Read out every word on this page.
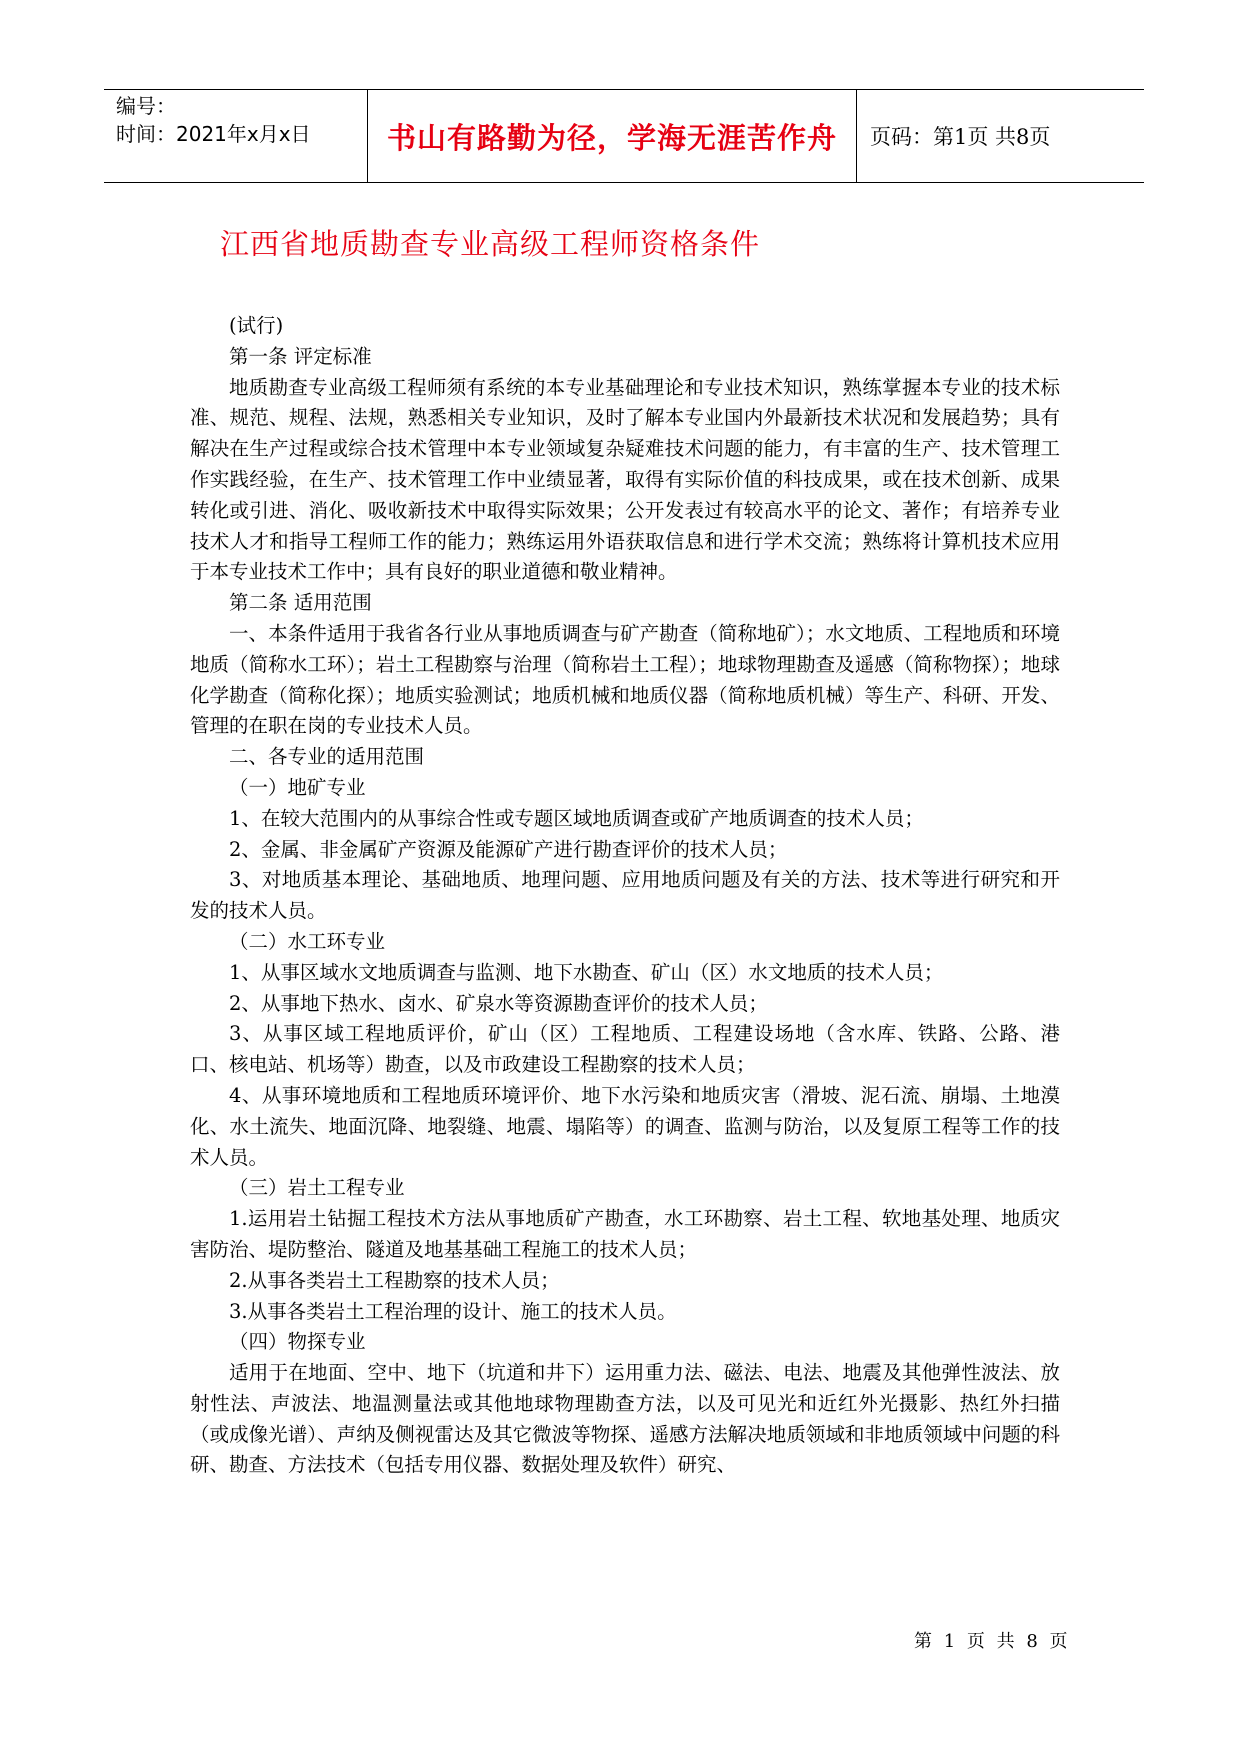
编号：
时间：2021年x月x日	书山有路勤为径，学海无涯苦作舟	页码：第1页 共8页
江西省地质勘查专业高级工程师资格条件

(试行)

第一条 评定标准

地质勘查专业高级工程师须有系统的本专业基础理论和专业技术知识，熟练掌握本专业的技术标准、规范、规程、法规，熟悉相关专业知识，及时了解本专业国内外最新技术状况和发展趋势；具有解决在生产过程或综合技术管理中本专业领域复杂疑难技术问题的能力，有丰富的生产、技术管理工作实践经验，在生产、技术管理工作中业绩显著，取得有实际价值的科技成果，或在技术创新、成果转化或引进、消化、吸收新技术中取得实际效果；公开发表过有较高水平的论文、著作；有培养专业技术人才和指导工程师工作的能力；熟练运用外语获取信息和进行学术交流；熟练将计算机技术应用于本专业技术工作中；具有良好的职业道德和敬业精神。

第二条 适用范围

一、本条件适用于我省各行业从事地质调查与矿产勘查（简称地矿）；水文地质、工程地质和环境地质（简称水工环）；岩土工程勘察与治理（简称岩土工程）；地球物理勘查及遥感（简称物探）；地球化学勘查（简称化探）；地质实验测试；地质机械和地质仪器（简称地质机械）等生产、科研、开发、管理的在职在岗的专业技术人员。

二、各专业的适用范围

（一）地矿专业

1、在较大范围内的从事综合性或专题区域地质调查或矿产地质调查的技术人员；

2、金属、非金属矿产资源及能源矿产进行勘查评价的技术人员；

3、对地质基本理论、基础地质、地理问题、应用地质问题及有关的方法、技术等进行研究和开发的技术人员。

（二）水工环专业

1、从事区域水文地质调查与监测、地下水勘查、矿山（区）水文地质的技术人员；

2、从事地下热水、卤水、矿泉水等资源勘查评价的技术人员；

3、从事区域工程地质评价，矿山（区）工程地质、工程建设场地（含水库、铁路、公路、港口、核电站、机场等）勘查，以及市政建设工程勘察的技术人员；

4、从事环境地质和工程地质环境评价、地下水污染和地质灾害（滑坡、泥石流、崩塌、土地漠化、水土流失、地面沉降、地裂缝、地震、塌陷等）的调查、监测与防治，以及复原工程等工作的技术人员。

（三）岩土工程专业

1.运用岩土钻掘工程技术方法从事地质矿产勘查，水工环勘察、岩土工程、软地基处理、地质灾害防治、堤防整治、隧道及地基基础工程施工的技术人员；

2.从事各类岩土工程勘察的技术人员；

3.从事各类岩土工程治理的设计、施工的技术人员。

（四）物探专业

适用于在地面、空中、地下（坑道和井下）运用重力法、磁法、电法、地震及其他弹性波法、放射性法、声波法、地温测量法或其他地球物理勘查方法，以及可见光和近红外光摄影、热红外扫描（或成像光谱）、声纳及侧视雷达及其它微波等物探、遥感方法解决地质领域和非地质领域中问题的科研、勘查、方法技术（包括专用仪器、数据处理及软件）研究、

第 1 页 共 8 页
